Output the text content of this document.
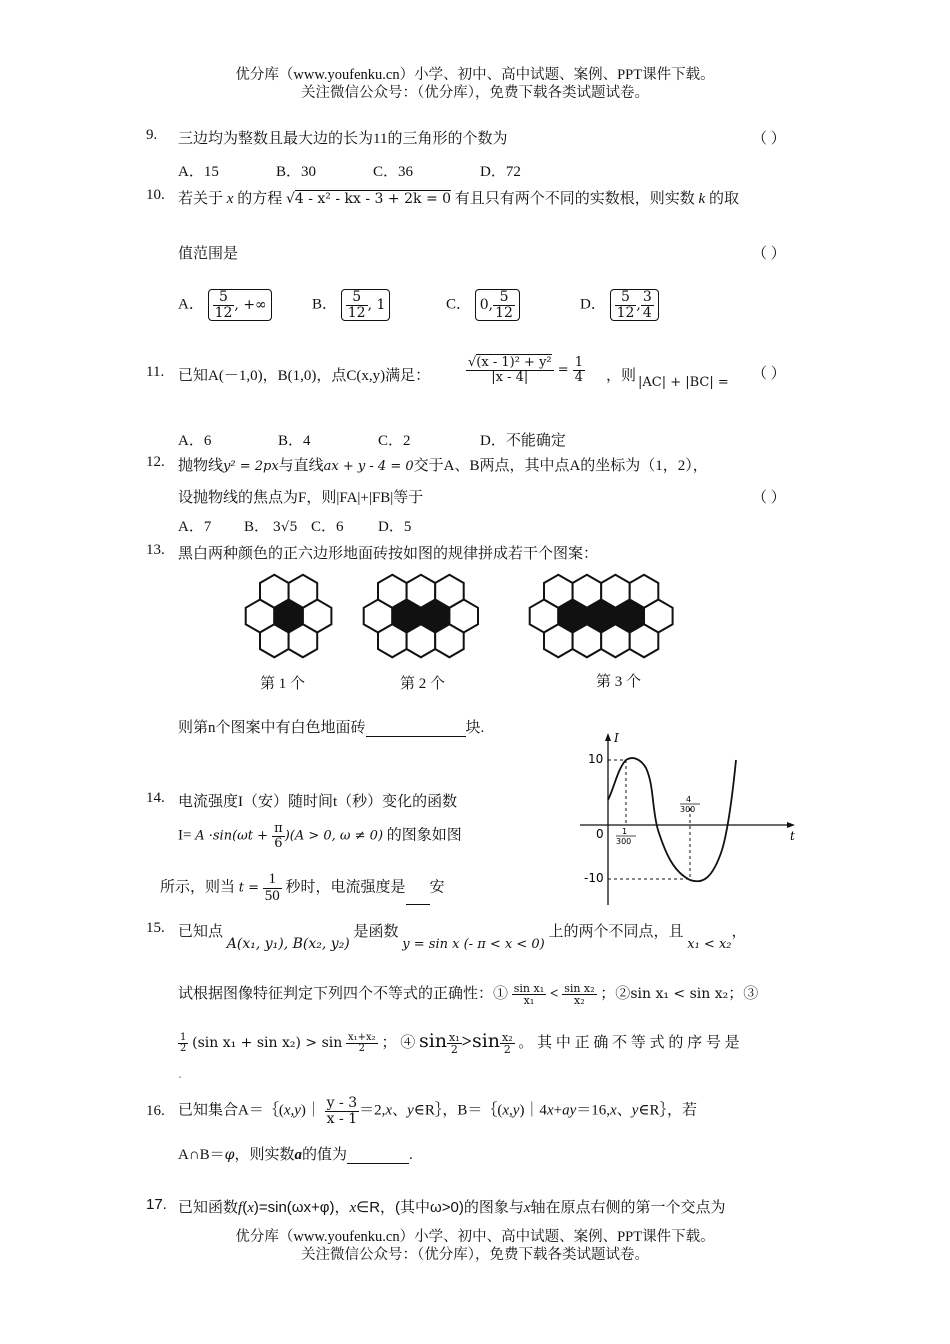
优分库（www.youfenku.cn）小学、初中、高中试题、案例、PPT课件下载。
关注微信公众号：（优分库），免费下载各类试题试卷。
9. 三边均为整数且最大边的长为11的三角形的个数为	（ ）
A．15	B．30	C．36	D．72
10. 若关于 x 的方程 √4 - x² - kx - 3 + 2k = 0 有且只有两个不同的实数根，则实数 k 的取
值范围是	（ ）
A． $\frac{5}{12}$ , +∞	B． $\frac{5}{12}$ , 1	C． 0, $\frac{5}{12}$	D． $\frac{5}{12}$ , $\frac{3}{4}$
11. 已知A(－1,0)，B(1,0)，点C(x,y)满足：	$\frac{\text{√(x - 1)² + y²}}{|x - 4|} = \frac{1}{4}$ ，则 |AC| + |BC| =
（ ）
A．6	B．4	C．2	D．不能确定
12. 抛物线y² = 2px与直线ax + y - 4 = 0交于A、B两点，其中点A的坐标为（1，2），
设抛物线的焦点为F，则|FA|+|FB|等于	（ ）
A．7 B． 3√5 C．6 D．5
13. 黑白两种颜色的正六边形地面砖按如图的规律拼成若干个图案：
第 1 个	第 2 个	第 3 个
则第n个图案中有白色地面砖	块.
14. 电流强度I（安）随时间t（秒）变化的函数
$I= A \cdot\sin(\omega t + \frac{\pi}{6} )(A > 0$, ω ≠ 0) 的图象如图
所示，则当 $t = \frac{1}{50}$ 秒时，电流强度是 安
I
t
10
-10
0 1
300
4
300
15. 已知点 A(x₁, y₁), B(x₂, y₂) 是函数 y = sin x (- π < x < 0) 上的两个不同点，且 x₁ < x₂，
试根据图像特征判定下列四个不等式的正确性：① $\frac{\text{sin x₁}}{\text{x₁}} < \frac{\text{sin x₂}}{\text{x₂}}$ ；②sin x₁ < sin x₂；③
$\frac{1}{2} (\sin$ $x_1 + \sin x_2) > \sin \frac{\text{x₁+x₂}}{2}$ ； ④ $\sin \frac{\text{x₁}}{2} >\sin \frac{\text{x₂}}{2}$ 。 其 中 正 确 不 等 式 的 序 号 是
.
16. 已知集合A＝｛(x,y)｜ $\frac{y - 3}{x - 1} =2,x$、y∈R｝，B＝｛(x,y)｜4x+ay＝16,x、y∈R｝，若
A∩B＝φ，则实数a的值为	.
17. 已知函数f(x)=sin(ωx+φ)，x∈R，(其中ω>0)的图象与x轴在原点右侧的第一个交点为
优分库（www.youfenku.cn）小学、初中、高中试题、案例、PPT课件下载。
关注微信公众号：（优分库），免费下载各类试题试卷。
